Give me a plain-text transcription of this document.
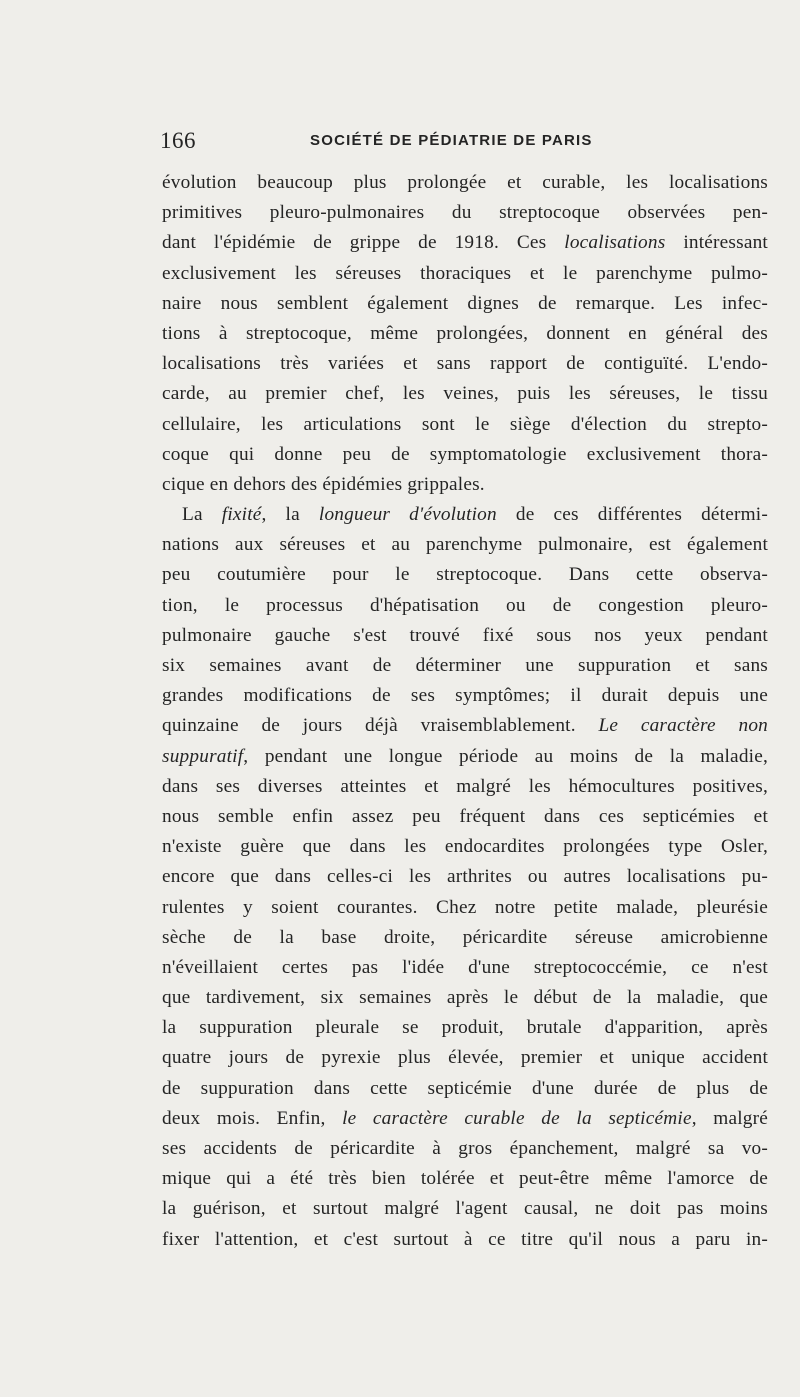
166	SOCIÉTÉ DE PÉDIATRIE DE PARIS
évolution beaucoup plus prolongée et curable, les localisations
primitives pleuro-pulmonaires du streptocoque observées pen-
dant l'épidémie de grippe de 1918. Ces localisations intéressant
exclusivement les séreuses thoraciques et le parenchyme pulmo-
naire nous semblent également dignes de remarque. Les infec-
tions à streptocoque, même prolongées, donnent en général des
localisations très variées et sans rapport de contiguïté. L'endo-
carde, au premier chef, les veines, puis les séreuses, le tissu
cellulaire, les articulations sont le siège d'élection du strepto-
coque qui donne peu de symptomatologie exclusivement thora-
cique en dehors des épidémies grippales.
La fixité, la longueur d'évolution de ces différentes détermi-
nations aux séreuses et au parenchyme pulmonaire, est également
peu coutumière pour le streptocoque. Dans cette observa-
tion, le processus d'hépatisation ou de congestion pleuro-
pulmonaire gauche s'est trouvé fixé sous nos yeux pendant
six semaines avant de déterminer une suppuration et sans
grandes modifications de ses symptômes; il durait depuis une
quinzaine de jours déjà vraisemblablement. Le caractère non
suppuratif, pendant une longue période au moins de la maladie,
dans ses diverses atteintes et malgré les hémocultures positives,
nous semble enfin assez peu fréquent dans ces septicémies et
n'existe guère que dans les endocardites prolongées type Osler,
encore que dans celles-ci les arthrites ou autres localisations pu-
rulentes y soient courantes. Chez notre petite malade, pleurésie
sèche de la base droite, péricardite séreuse amicrobienne
n'éveillaient certes pas l'idée d'une streptococcémie, ce n'est
que tardivement, six semaines après le début de la maladie, que
la suppuration pleurale se produit, brutale d'apparition, après
quatre jours de pyrexie plus élevée, premier et unique accident
de suppuration dans cette septicémie d'une durée de plus de
deux mois. Enfin, le caractère curable de la septicémie, malgré
ses accidents de péricardite à gros épanchement, malgré sa vo-
mique qui a été très bien tolérée et peut-être même l'amorce de
la guérison, et surtout malgré l'agent causal, ne doit pas moins
fixer l'attention, et c'est surtout à ce titre qu'il nous a paru in-
